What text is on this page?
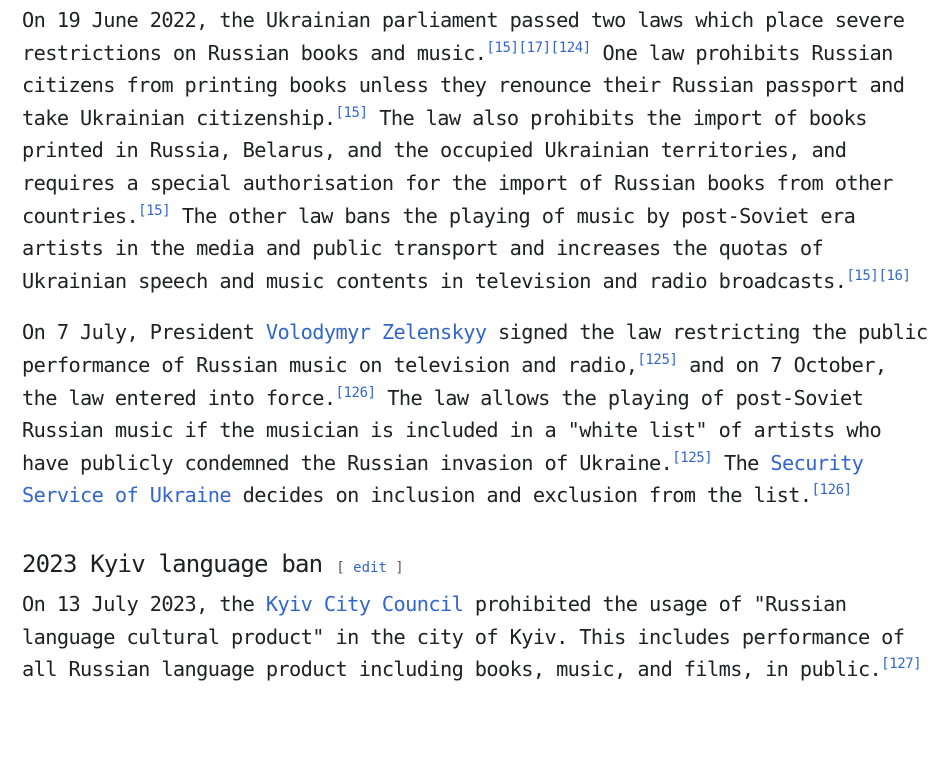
On 19 June 2022, the Ukrainian parliament passed two laws which place severe restrictions on Russian books and music.[15][17][124] One law prohibits Russian citizens from printing books unless they renounce their Russian passport and take Ukrainian citizenship.[15] The law also prohibits the import of books printed in Russia, Belarus, and the occupied Ukrainian territories, and requires a special authorisation for the import of Russian books from other countries.[15] The other law bans the playing of music by post-Soviet era artists in the media and public transport and increases the quotas of Ukrainian speech and music contents in television and radio broadcasts.[15][16]

On 7 July, President Volodymyr Zelenskyy signed the law restricting the public performance of Russian music on television and radio,[125] and on 7 October, the law entered into force.[126] The law allows the playing of post-Soviet Russian music if the musician is included in a "white list" of artists who have publicly condemned the Russian invasion of Ukraine.[125] The Security Service of Ukraine decides on inclusion and exclusion from the list.[126]

2023 Kyiv language ban [ edit ]

On 13 July 2023, the Kyiv City Council prohibited the usage of "Russian language cultural product" in the city of Kyiv. This includes performance of all Russian language product including books, music, and films, in public.[127]
